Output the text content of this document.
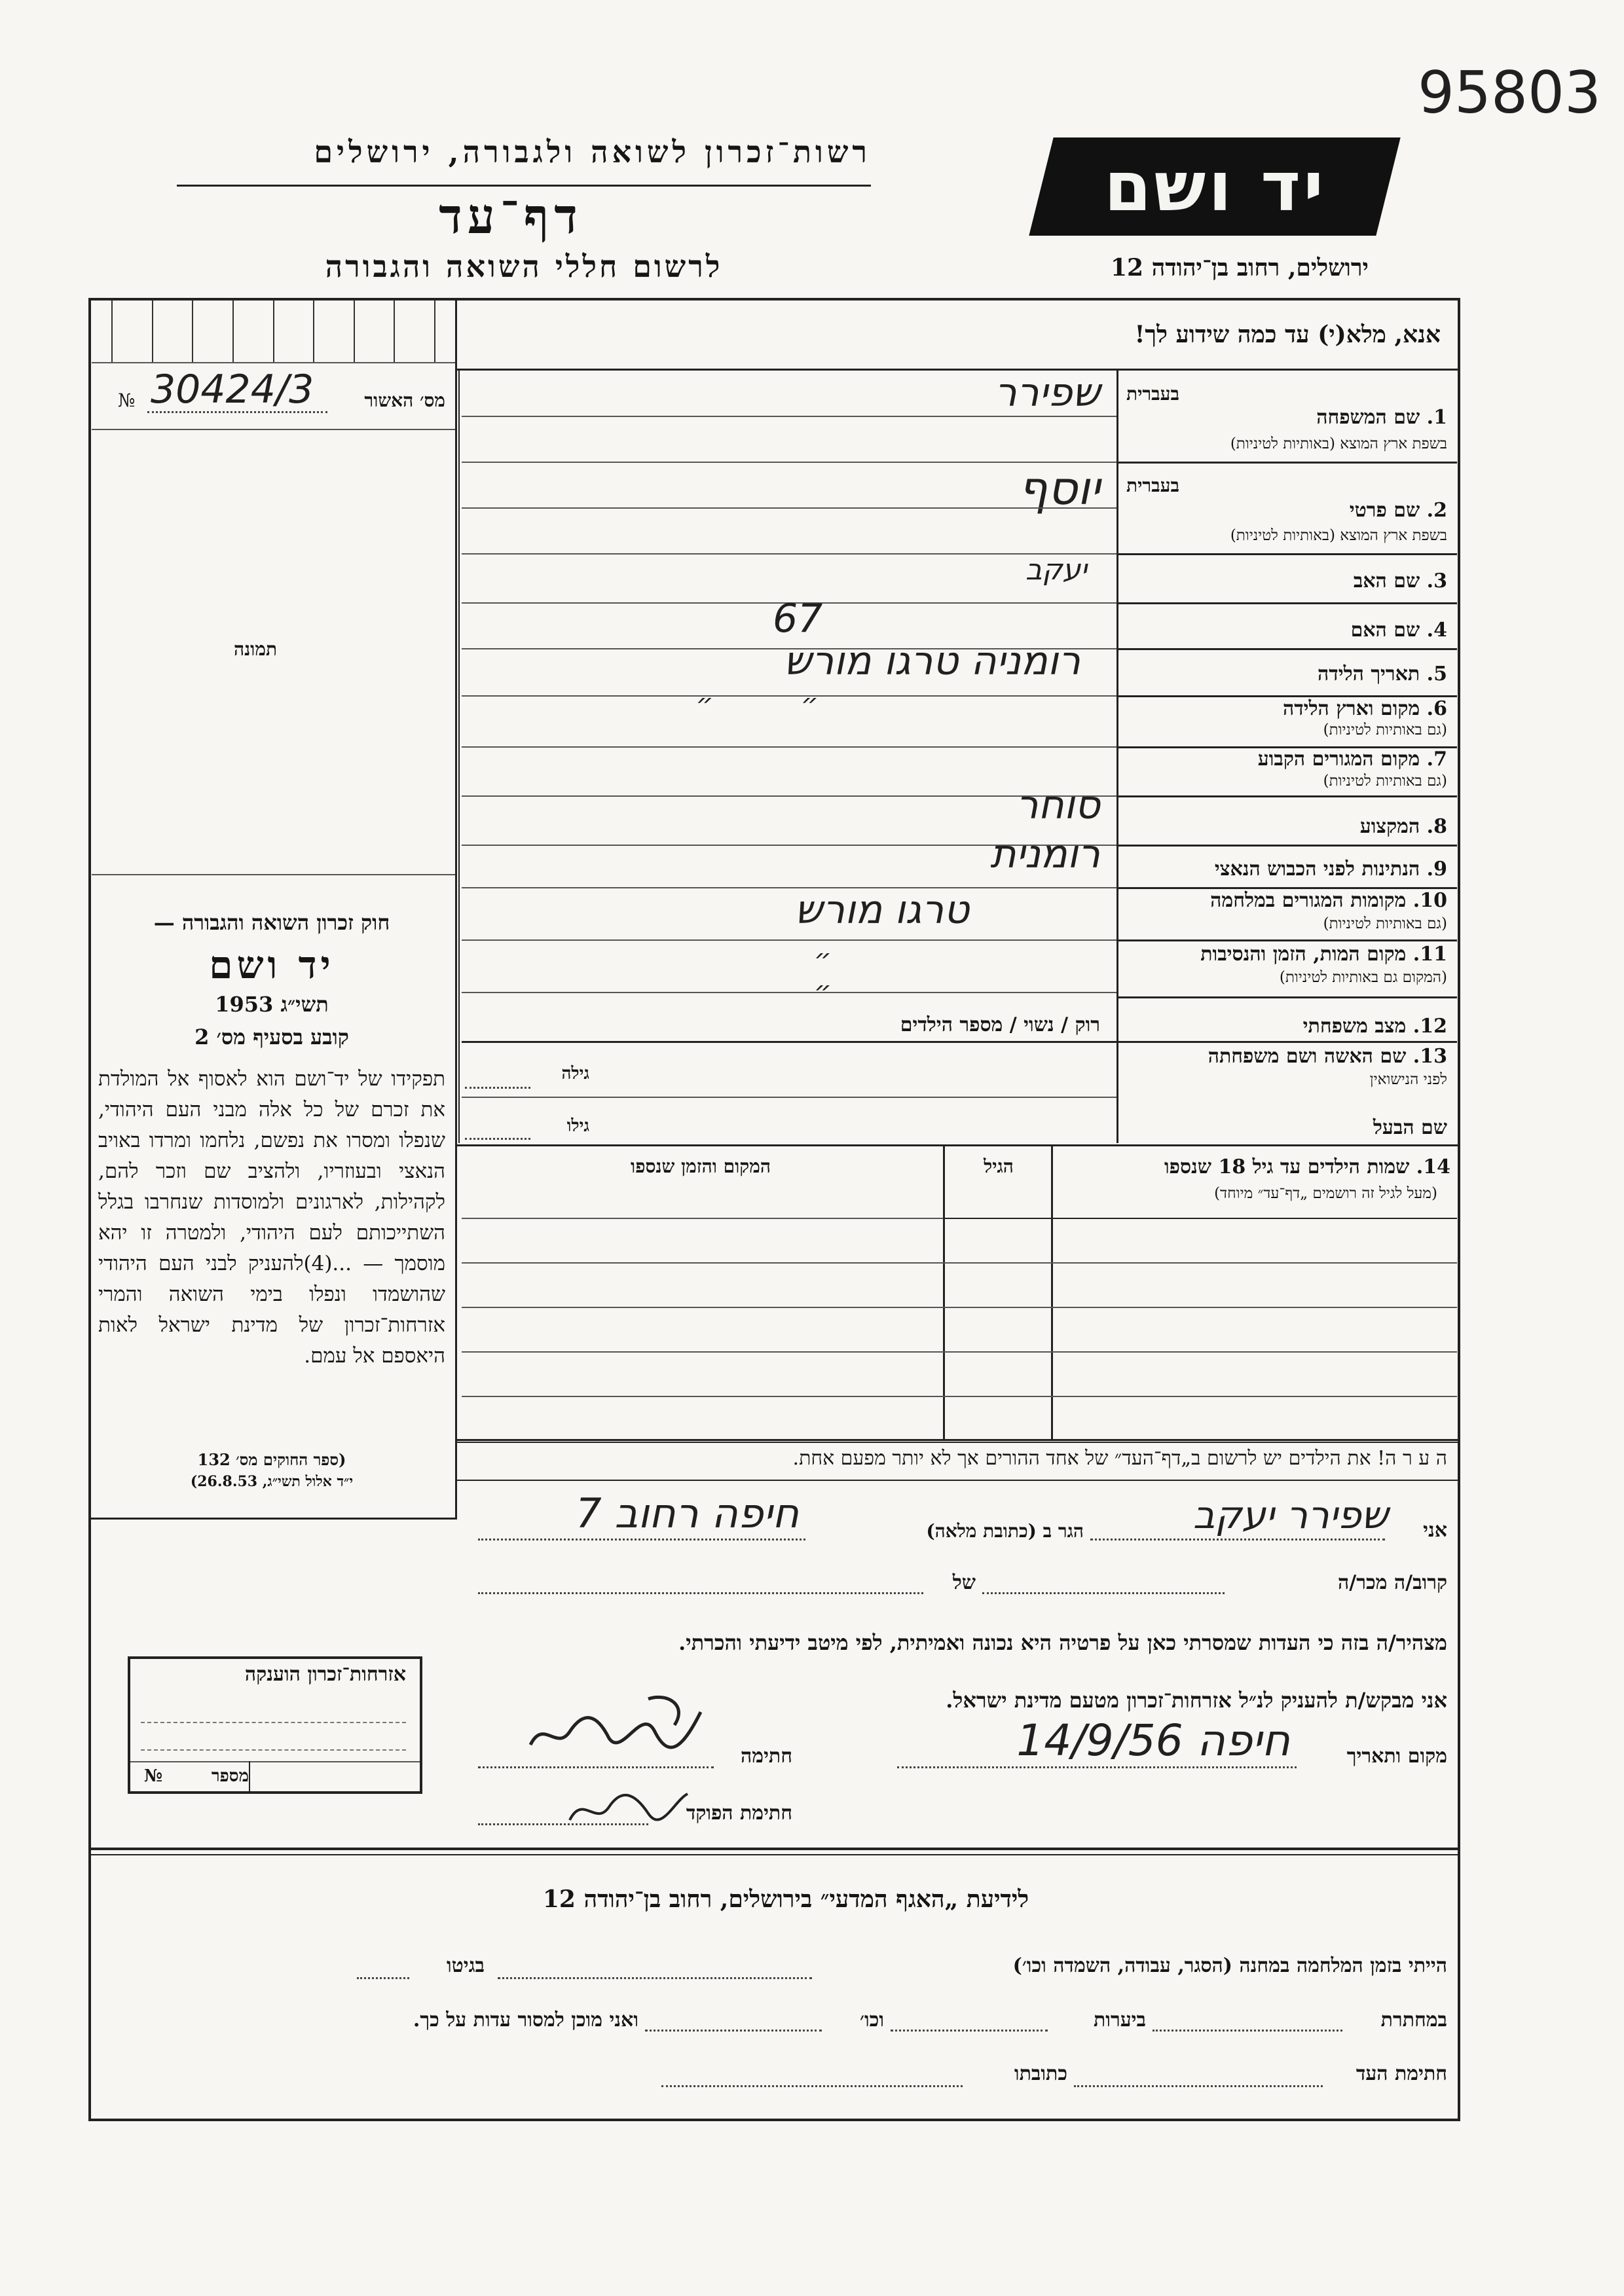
95803
רשות־זכרון לשואה ולגבורה, ירושלים
דף־עד
לרשום חללי השואה והגבורה
יד ושם
ירושלים, רחוב בן־יהודה 12
אנא, מלא(י) עד כמה שידוע לך!
№ 30424/3	מס׳ האשור
תמונה
בעברית
בעברית
1. שם המשפחה
בשפת ארץ המוצא (באותיות לטיניות)
שפירר
2. שם פרטי
בשפת ארץ המוצא (באותיות לטיניות)
יוסף
3. שם האב
יעקב
4. שם האם
67
5. תאריך הלידה
רומניה טרגו מורש
6. מקום וארץ הלידה
(גם באותיות לטיניות)
״ ״
7. מקום המגורים הקבוע
(גם באותיות לטיניות)
8. המקצוע
סוחר
9. הנתינות לפני הכבוש הנאצי
רומנית
10. מקומות המגורים במלחמה
(גם באותיות לטיניות)
טרגו מורש
11. מקום המות, הזמן והנסיבות
(המקום גם באותיות לטיניות)
״ ״
12. מצב משפחתי
רוק / נשוי / מספר הילדים
13. שם האשה ושם משפחתה
לפני הנישואין
גילה
שם הבעל
גילו
14. שמות הילדים עד גיל 18 שנספו
(מעל לגיל זה רושמים „דף־עד״ מיוחד)
הגיל
המקום והזמן שנספו
חוק זכרון השואה והגבורה —
יד ושם
תשי״ג 1953
קובע בסעיף מס׳ 2
תפקידו של יד־ושם הוא לאסוף אל המולדת את זכרם של כל אלה מבני העם היהודי, שנפלו ומסרו את נפשם, נלחמו ומרדו באויב הנאצי ובעוזריו, ולהציב שם וזכר להם, לקהילות, לארגונים ולמוסדות שנחרבו בגלל השתייכותם לעם היהודי, ולמטרה זו יהא מוסמך — ...(4)להעניק לבני העם היהודי שהושמדו ונפלו בימי השואה והמרי אזרחות־זכרון של מדינת ישראל לאות היאספם אל עמם.
(ספר החוקים מס׳ 132
י״ד אלול תשי״ג, 26.8.53)
ה ע ר ה! את הילדים יש לרשום ב„דף־העד״ של אחד ההורים אך לא יותר מפעם אחת.
אני
שפירר יעקב
הגר ב (כתובת מלאה)
חיפה רחוב 7
קרוב/ה מכר/ה
של
מצהיר/ה בזה כי העדות שמסרתי כאן על פרטיה היא נכונה ואמיתית, לפי מיטב ידיעתי והכרתי.
אני מבקש/ת להעניק לנ״ל אזרחות־זכרון מטעם מדינת ישראל.
מקום ותאריך
חיפה 14/9/56
חתימה
חתימת הפוקד
אזרחות־זכרון הוענקה
מספר
№
לידיעת „האגף המדעי״ בירושלים, רחוב בן־יהודה 12
הייתי בזמן המלחמה במחנה (הסגר, עבודה, השמדה וכו׳)
בגיטו
במחתרת
ביערות
וכו׳
ואני מוכן למסור עדות על כך.
חתימת העד
כתובתו
